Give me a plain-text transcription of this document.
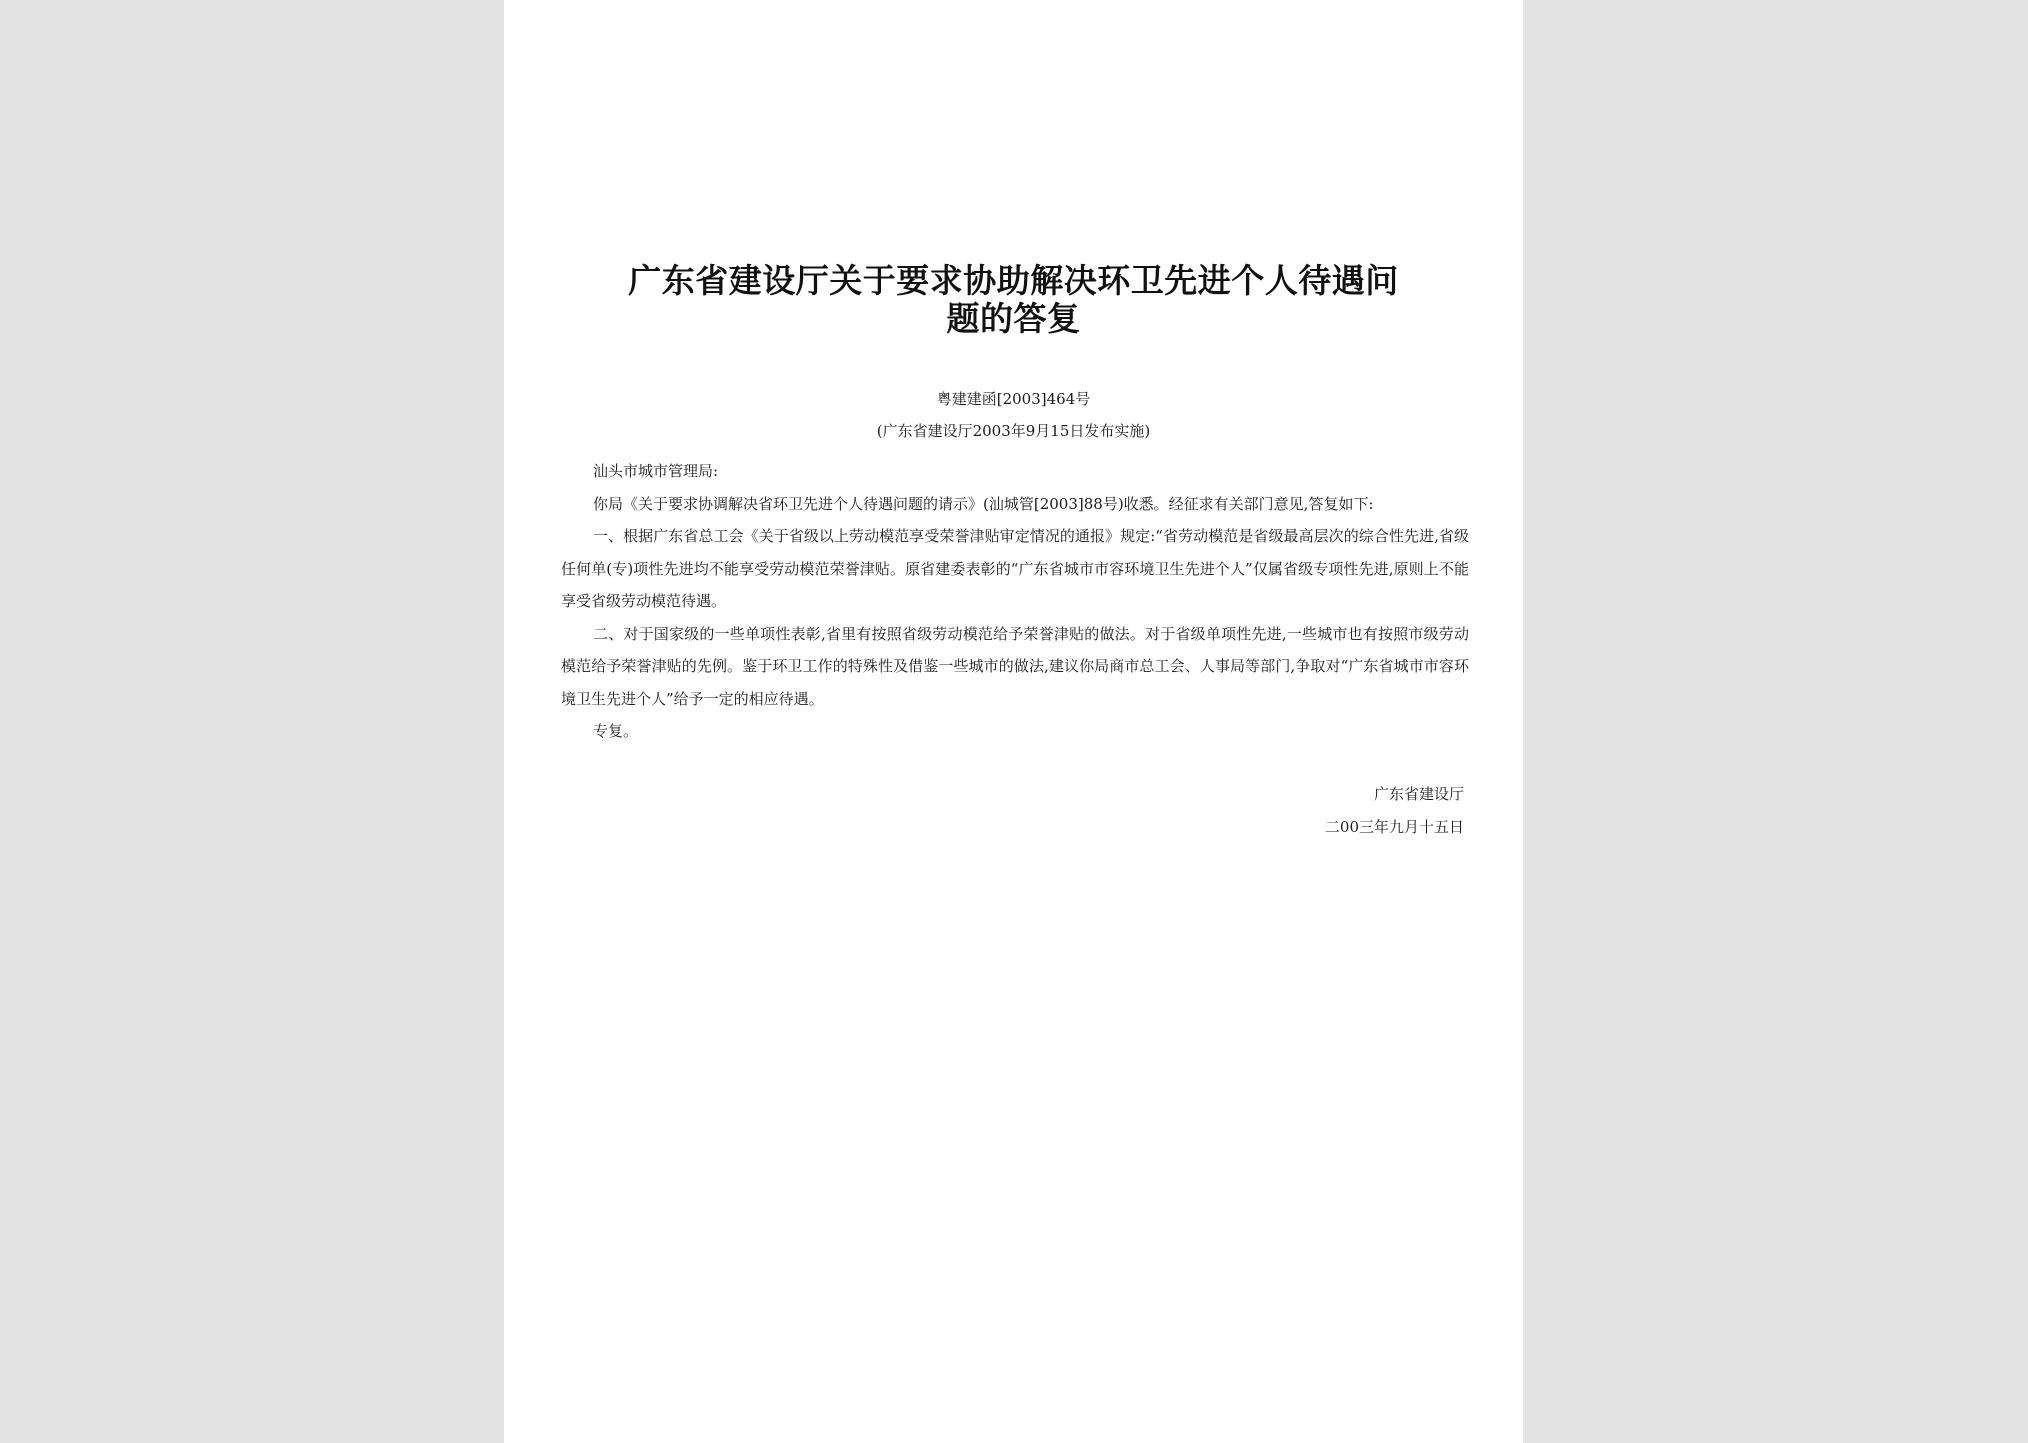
广东省建设厅关于要求协助解决环卫先进个人待遇问
题的答复
粤建建函[2003]464号
(广东省建设厅2003年9月15日发布实施)

汕头市城市管理局:

你局《关于要求协调解决省环卫先进个人待遇问题的请示》(汕城管[2003]88号)收悉。经征求有关部门意见,答复如下:

一、根据广东省总工会《关于省级以上劳动模范享受荣誉津贴审定情况的通报》规定:“省劳动模范是省级最高层次的综合性先进,省级任何单(专)项性先进均不能享受劳动模范荣誉津贴。原省建委表彰的“广东省城市市容环境卫生先进个人”仅属省级专项性先进,原则上不能享受省级劳动模范待遇。

二、对于国家级的一些单项性表彰,省里有按照省级劳动模范给予荣誉津贴的做法。对于省级单项性先进,一些城市也有按照市级劳动模范给予荣誉津贴的先例。鉴于环卫工作的特殊性及借鉴一些城市的做法,建议你局商市总工会、人事局等部门,争取对“广东省城市市容环境卫生先进个人”给予一定的相应待遇。

专复。

广东省建设厅
二00三年九月十五日
